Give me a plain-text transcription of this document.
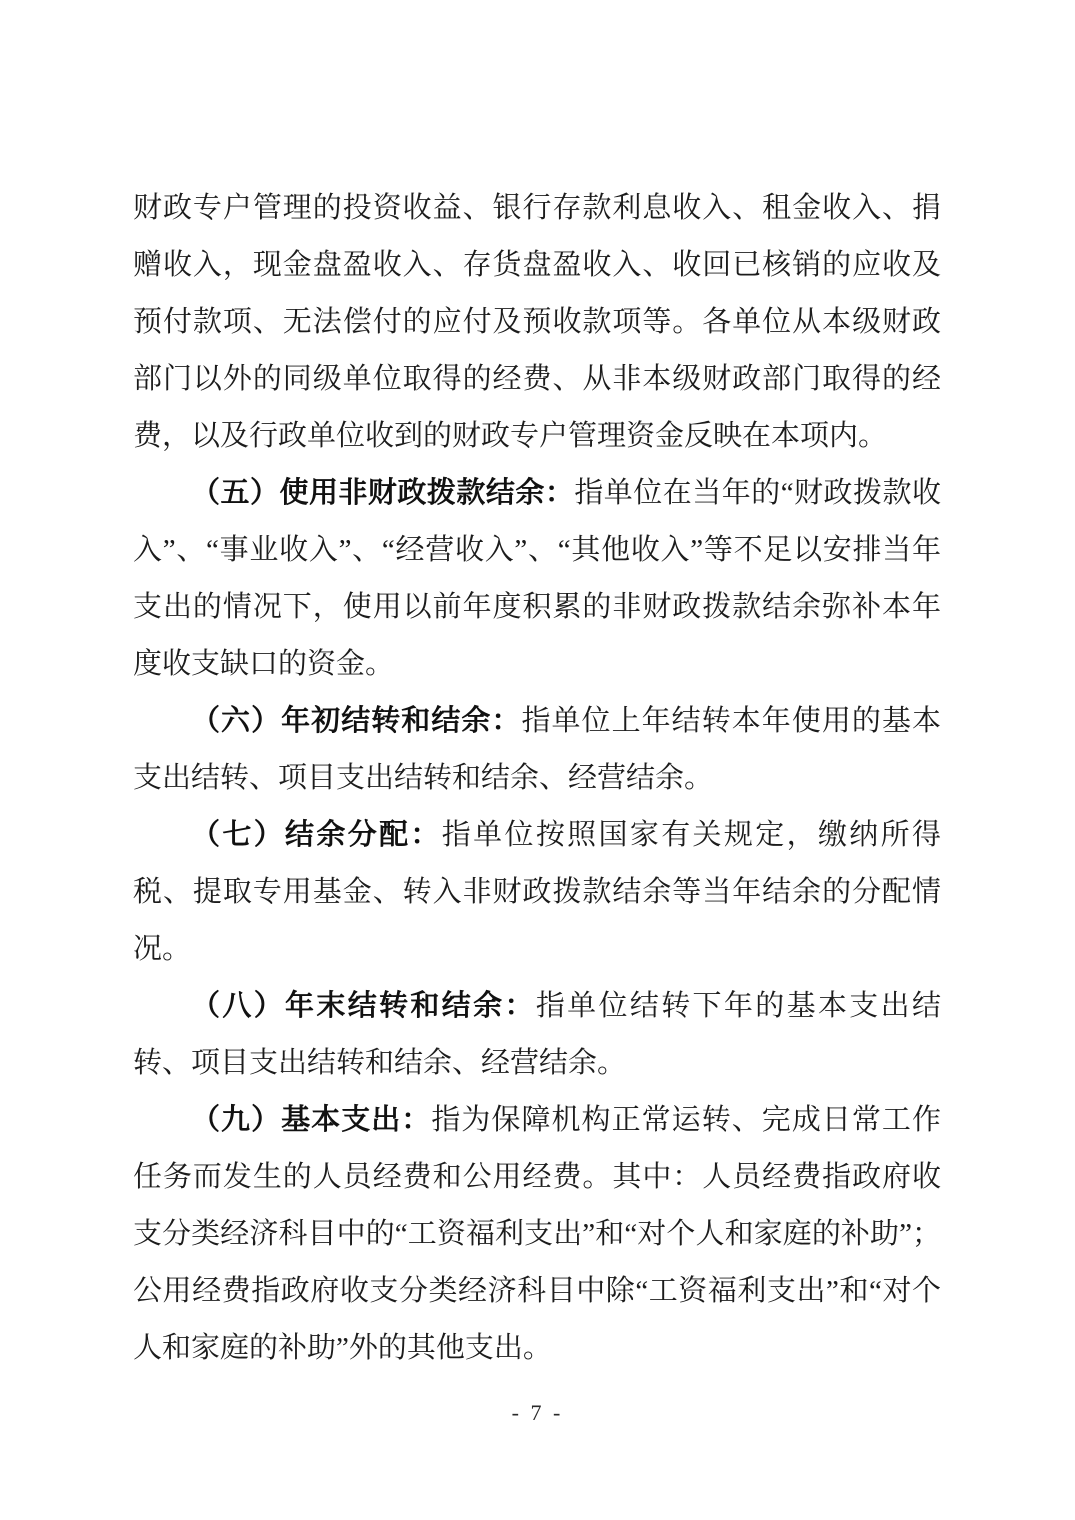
财政专户管理的投资收益、银行存款利息收入、租金收入、捐赠收入，现金盘盈收入、存货盘盈收入、收回已核销的应收及预付款项、无法偿付的应付及预收款项等。各单位从本级财政部门以外的同级单位取得的经费、从非本级财政部门取得的经费，以及行政单位收到的财政专户管理资金反映在本项内。

（五）使用非财政拨款结余：指单位在当年的“财政拨款收入”、“事业收入”、“经营收入”、“其他收入”等不足以安排当年支出的情况下，使用以前年度积累的非财政拨款结余弥补本年度收支缺口的资金。

（六）年初结转和结余：指单位上年结转本年使用的基本支出结转、项目支出结转和结余、经营结余。

（七）结余分配：指单位按照国家有关规定，缴纳所得税、提取专用基金、转入非财政拨款结余等当年结余的分配情况。

（八）年末结转和结余：指单位结转下年的基本支出结转、项目支出结转和结余、经营结余。

（九）基本支出：指为保障机构正常运转、完成日常工作任务而发生的人员经费和公用经费。其中：人员经费指政府收支分类经济科目中的“工资福利支出”和“对个人和家庭的补助”；公用经费指政府收支分类经济科目中除“工资福利支出”和“对个人和家庭的补助”外的其他支出。

- 7 -
